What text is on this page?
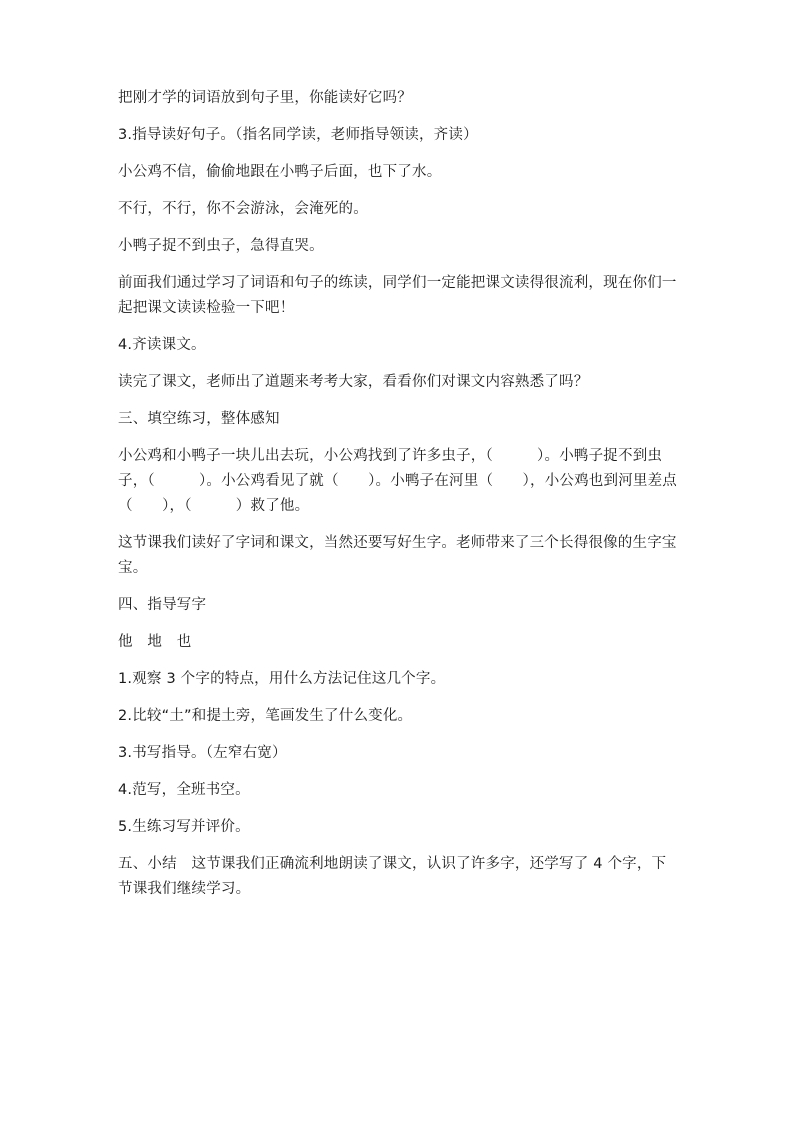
把刚才学的词语放到句子里，你能读好它吗？

3.指导读好句子。（指名同学读，老师指导领读，齐读）

小公鸡不信，偷偷地跟在小鸭子后面，也下了水。

不行，不行，你不会游泳，会淹死的。

小鸭子捉不到虫子，急得直哭。

前面我们通过学习了词语和句子的练读，同学们一定能把课文读得很流利，现在你们一起把课文读读检验一下吧！

4.齐读课文。

读完了课文，老师出了道题来考考大家，看看你们对课文内容熟悉了吗？

三、填空练习，整体感知

小公鸡和小鸭子一块儿出去玩，小公鸡找到了许多虫子，（　　　）。小鸭子捉不到虫子，（　　　）。小公鸡看见了就（　　）。小鸭子在河里（　　），小公鸡也到河里差点（　　），（　　　）救了他。

这节课我们读好了字词和课文，当然还要写好生字。老师带来了三个长得很像的生字宝宝。

四、指导写字

他　地　也

1.观察 3 个字的特点，用什么方法记住这几个字。

2.比较“土”和提土旁，笔画发生了什么变化。

3.书写指导。（左窄右宽）

4.范写，全班书空。

5.生练习写并评价。

五、小结　这节课我们正确流利地朗读了课文，认识了许多字，还学写了 4 个字，下节课我们继续学习。
